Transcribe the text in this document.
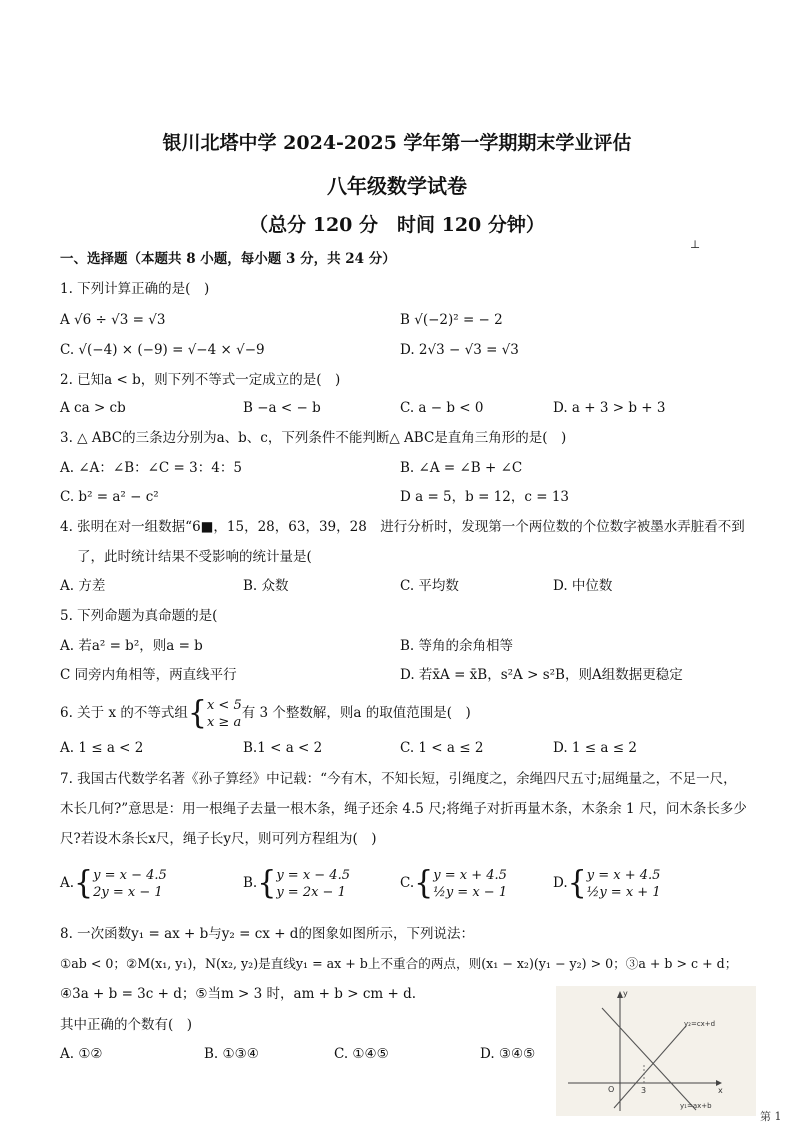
银川北塔中学 2024-2025 学年第一学期期末学业评估
八年级数学试卷
（总分 120 分　时间 120 分钟）
⊥
一、选择题（本题共 8 小题，每小题 3 分，共 24 分）
1. 下列计算正确的是(　)
A √6 ÷ √3 = √3	B √(−2)² = − 2
C. √(−4) × (−9) = √−4 × √−9	D. 2√3 − √3 = √3
2. 已知a < b，则下列不等式一定成立的是(　)
A ca > cb	B −a < − b	C. a − b < 0	D. a + 3 > b + 3
3. △ ABC的三条边分别为a、b、c，下列条件不能判断△ ABC是直角三角形的是(　)
A. ∠A：∠B：∠C = 3：4：5	B. ∠A = ∠B + ∠C
C. b² = a² − c²	D a = 5，b = 12，c = 13
4. 张明在对一组数据“6■，15，28，63，39，28　进行分析时，发现第一个两位数的个位数字被墨水弄脏看不到
了，此时统计结果不受影响的统计量是(
A. 方差	B. 众数	C. 平均数	D. 中位数
5. 下列命题为真命题的是(
A. 若a² = b²，则a = b	B. 等角的余角相等
C 同旁内角相等，两直线平行	D. 若x̄A = x̄B，s²A > s²B，则A组数据更稳定
6. 关于 x 的不等式组{x < 5
x ≥ a有 3 个整数解，则a 的取值范围是(　)
A. 1 ≤ a < 2	B.1 < a < 2	C. 1 < a ≤ 2	D. 1 ≤ a ≤ 2
7. 我国古代数学名著《孙子算经》中记载：“今有木，不知长短，引绳度之，余绳四尺五寸;屈绳量之，不足一尺，
木长几何?”意思是：用一根绳子去量一根木条，绳子还余 4.5 尺;将绳子对折再量木条，木条余 1 尺，问木条长多少
尺?若设木条长x尺，绳子长y尺，则可列方程组为(　)
A.{y = x − 4.5
2y = x − 1
B.{y = x − 4.5
y = 2x − 1
C.{y = x + 4.5
½y = x − 1
D.{y = x + 4.5
½y = x + 1
8. 一次函数y₁ = ax + b与y₂ = cx + d的图象如图所示，下列说法：
①ab < 0；②M(x₁, y₁)，N(x₂, y₂)是直线y₁ = ax + b上不重合的两点，则(x₁ − x₂)(y₁ − y₂) > 0；③a + b > c + d；
④3a + b = 3c + d；⑤当m > 3 时，am + b > cm + d.
其中正确的个数有(　)
A. ①②	B. ①③④	C. ①④⑤	D. ③④⑤
y
x
O	3
y₂=cx+d
y₁=ax+b
第 1
